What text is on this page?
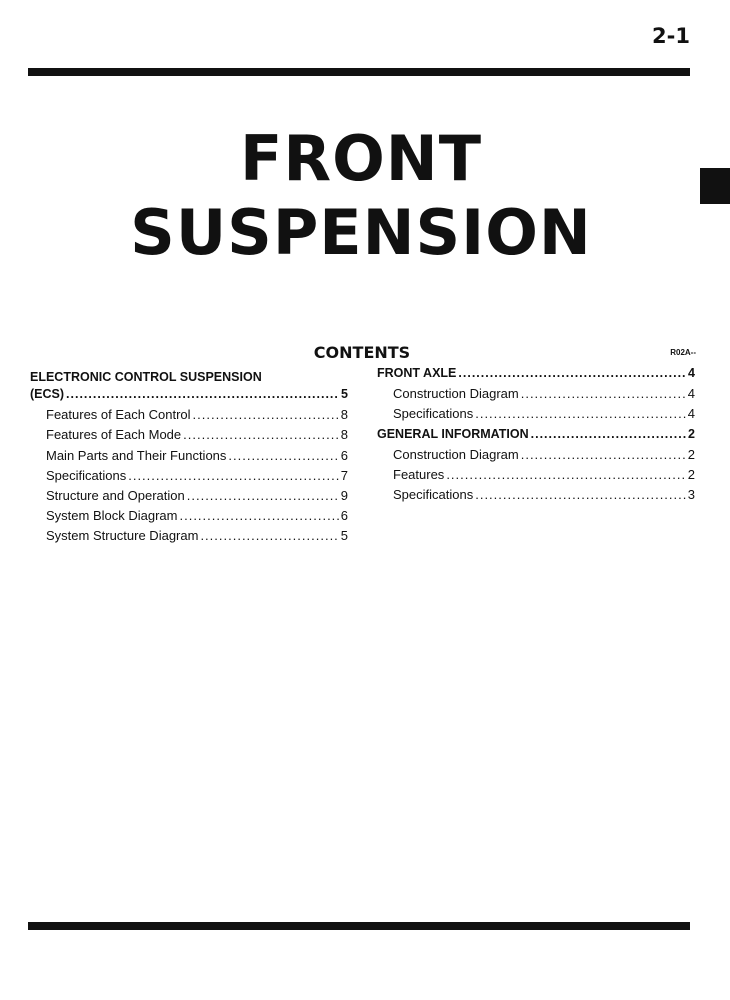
2-1
FRONT
SUSPENSION
CONTENTS	R02A--
ELECTRONIC CONTROL SUSPENSION
(ECS) .....	5
Features of Each Control .....	8
Features of Each Mode .....	8
Main Parts and Their Functions .....	6
Specifications .....	7
Structure and Operation .....	9
System Block Diagram .....	6
System Structure Diagram .....	5
FRONT AXLE .....	4
Construction Diagram .....	4
Specifications .....	4
GENERAL INFORMATION .....	2
Construction Diagram .....	2
Features .....	2
Specifications .....	3
